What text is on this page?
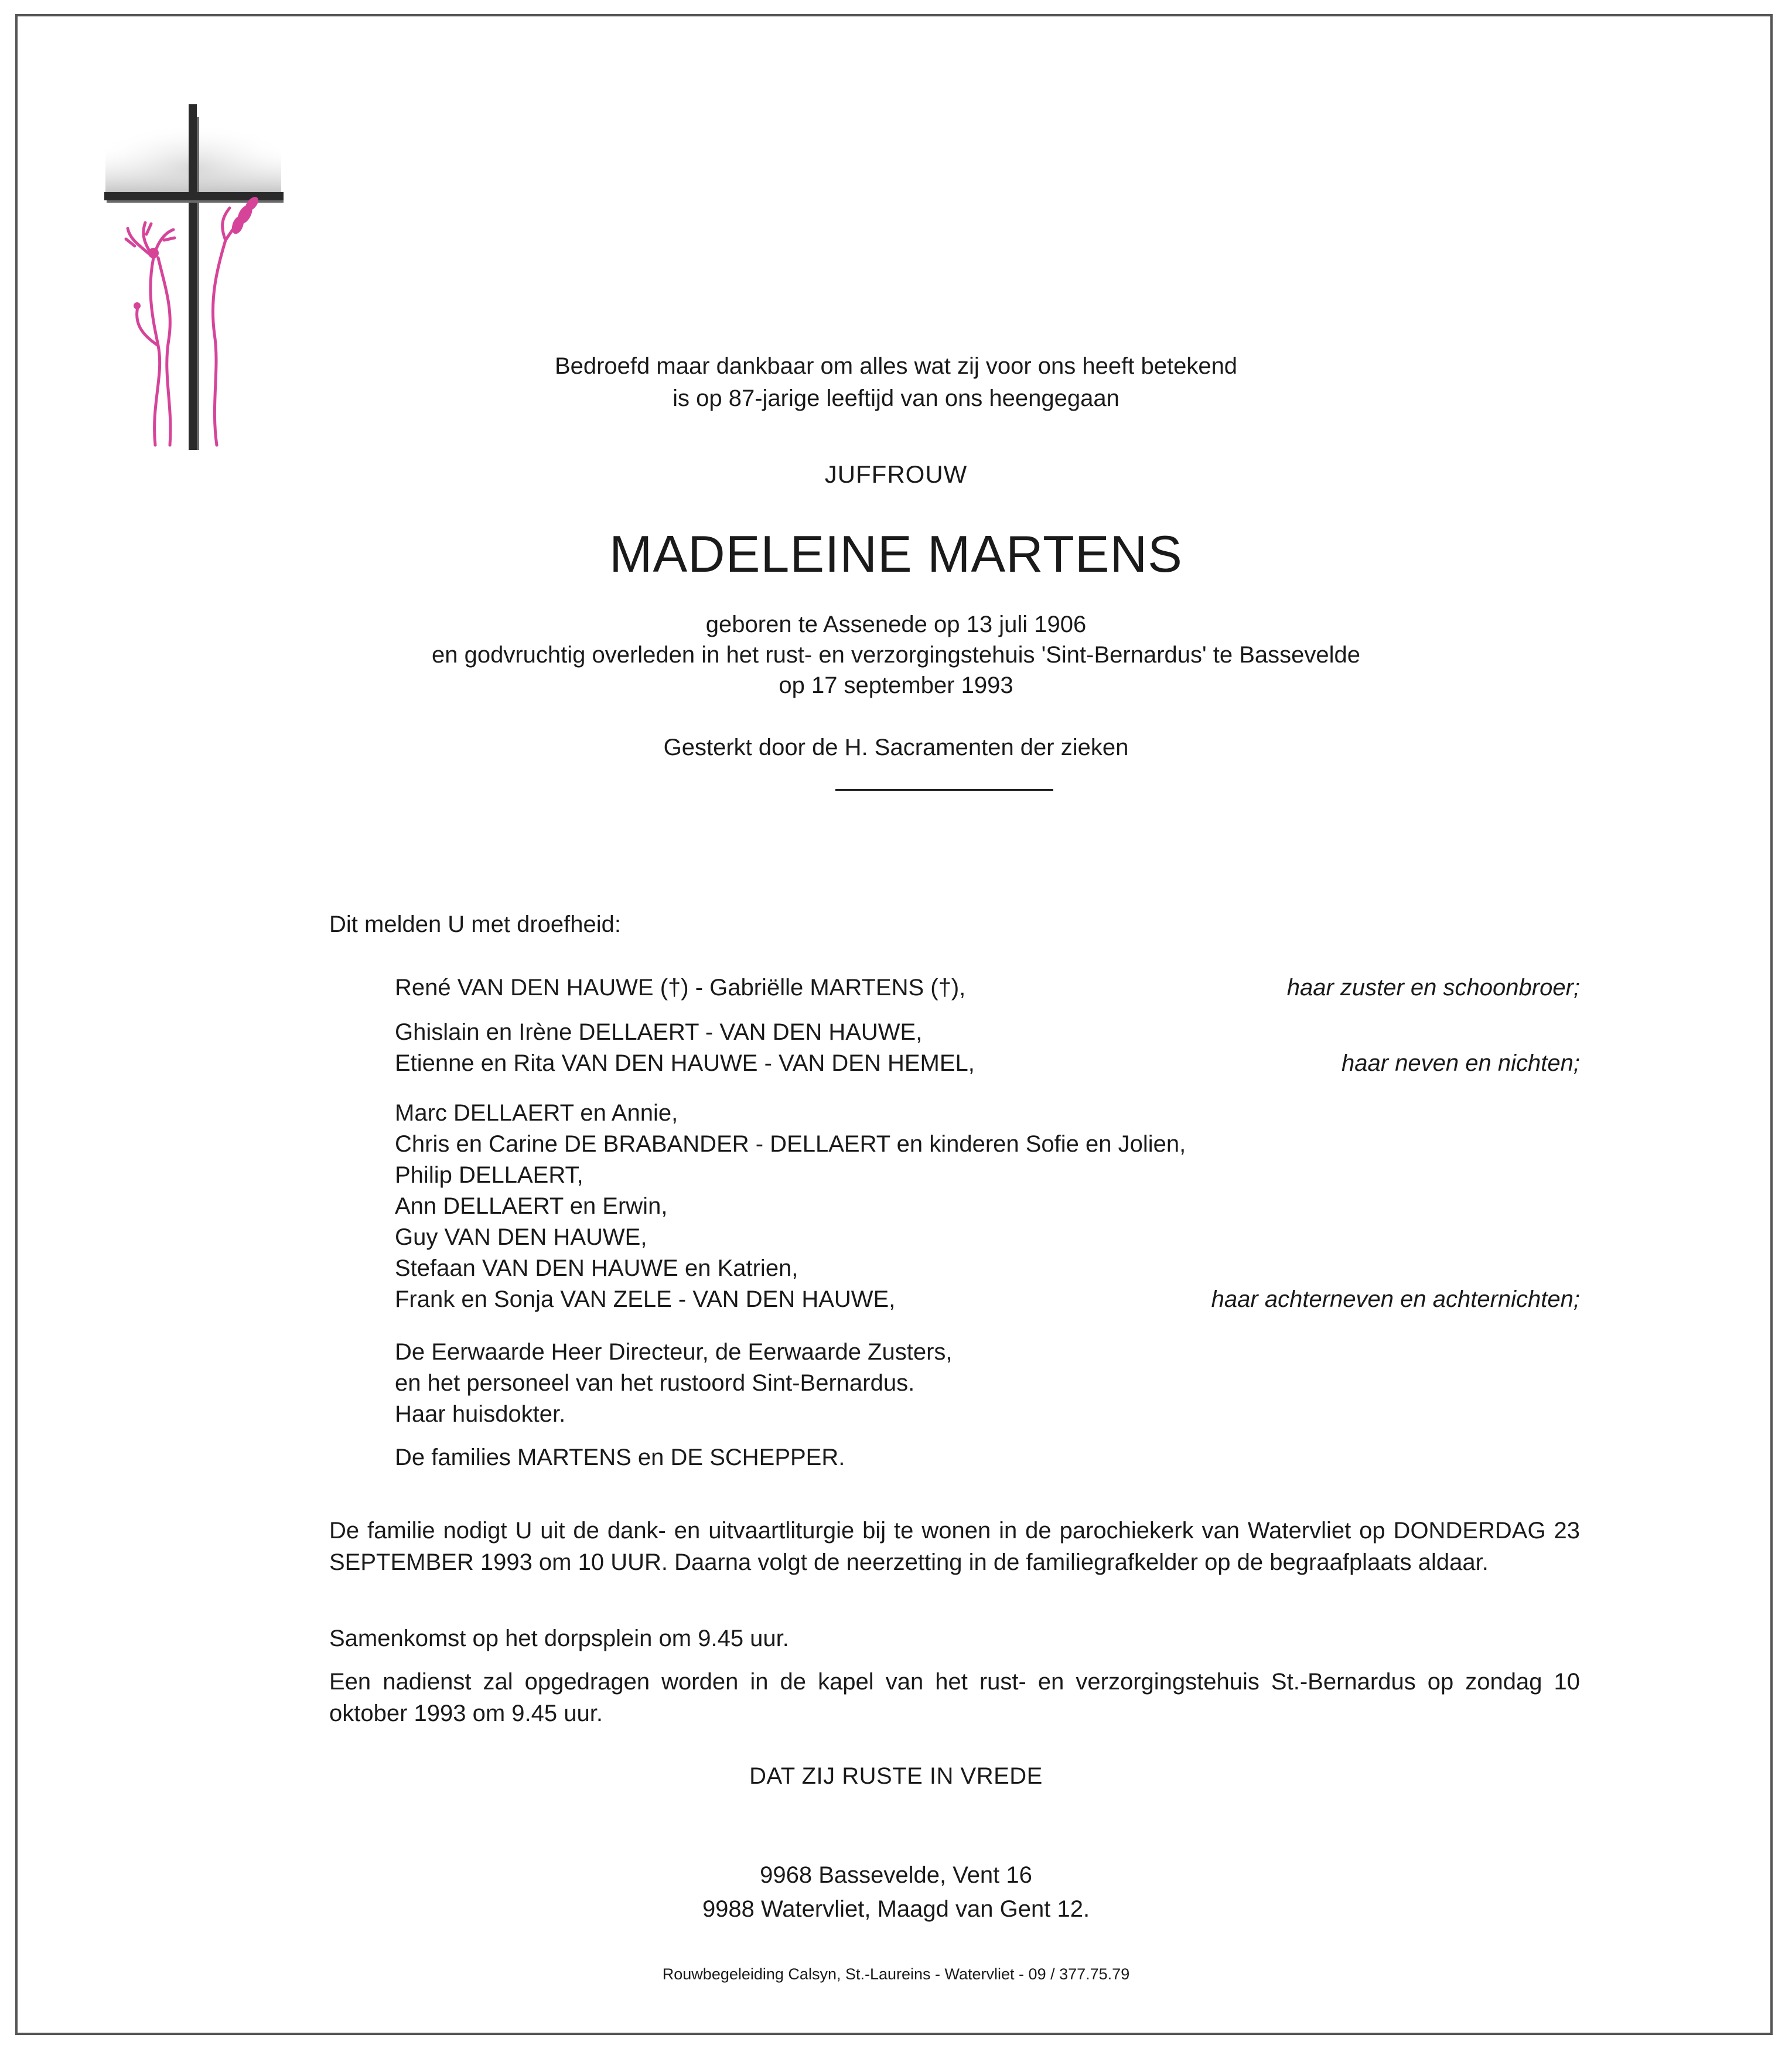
Bedroefd maar dankbaar om alles wat zij voor ons heeft betekend
is op 87-jarige leeftijd van ons heengegaan
JUFFROUW
MADELEINE MARTENS
geboren te Assenede op 13 juli 1906
en godvruchtig overleden in het rust- en verzorgingstehuis 'Sint-Bernardus' te Bassevelde
op 17 september 1993
Gesterkt door de H. Sacramenten der zieken
Dit melden U met droefheid:
René VAN DEN HAUWE (†) - Gabriëlle MARTENS (†),	haar zuster en schoonbroer;
Ghislain en Irène DELLAERT - VAN DEN HAUWE,
Etienne en Rita VAN DEN HAUWE - VAN DEN HEMEL,	haar neven en nichten;
Marc DELLAERT en Annie,
Chris en Carine DE BRABANDER - DELLAERT en kinderen Sofie en Jolien,
Philip DELLAERT,
Ann DELLAERT en Erwin,
Guy VAN DEN HAUWE,
Stefaan VAN DEN HAUWE en Katrien,
Frank en Sonja VAN ZELE - VAN DEN HAUWE,	haar achterneven en achternichten;
De Eerwaarde Heer Directeur, de Eerwaarde Zusters,
en het personeel van het rustoord Sint-Bernardus.
Haar huisdokter.
De families MARTENS en DE SCHEPPER.
De familie nodigt U uit de dank- en uitvaartliturgie bij te wonen in de parochiekerk van Watervliet op DONDERDAG 23 SEPTEMBER 1993 om 10 UUR. Daarna volgt de neerzetting in de familiegrafkelder op de begraafplaats aldaar.
Samenkomst op het dorpsplein om 9.45 uur.
Een nadienst zal opgedragen worden in de kapel van het rust- en verzorgingstehuis St.-Bernardus op zondag 10 oktober 1993 om 9.45 uur.
DAT ZIJ RUSTE IN VREDE
9968 Bassevelde, Vent 16
9988 Watervliet, Maagd van Gent 12.
Rouwbegeleiding Calsyn, St.-Laureins - Watervliet - 09 / 377.75.79
